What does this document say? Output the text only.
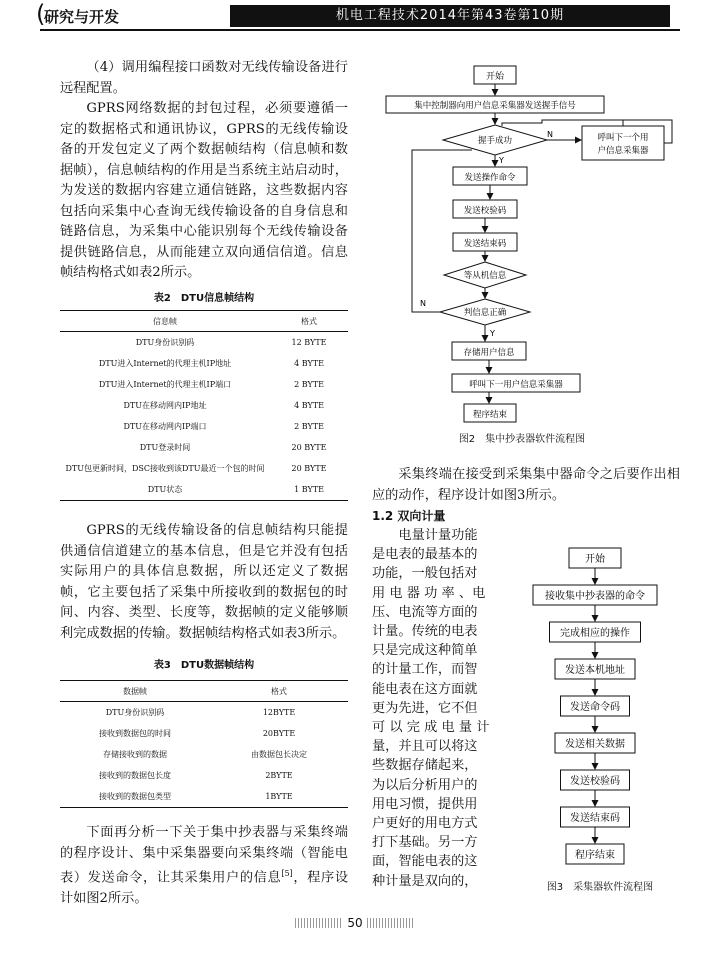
(
研究与开发	机电工程技术2014年第43卷第10期
（4）调用编程接口函数对无线传输设备进行远程配置。
GPRS网络数据的封包过程，必须要遵循一定的数据格式和通讯协议，GPRS的无线传输设备的开发包定义了两个数据帧结构（信息帧和数据帧），信息帧结构的作用是当系统主站启动时，为发送的数据内容建立通信链路，这些数据内容包括向采集中心查询无线传输设备的自身信息和链路信息，为采集中心能识别每个无线传输设备提供链路信息，从而能建立双向通信信道。信息帧结构格式如表2所示。
表2　DTU信息帧结构
信息帧	格式
DTU身份识别码	12 BYTE
DTU进入Internet的代理主机IP地址	4 BYTE
DTU进入Internet的代理主机IP端口	2 BYTE
DTU在移动网内IP地址	4 BYTE
DTU在移动网内IP端口	2 BYTE
DTU登录时间	20 BYTE
DTU包更新时间，DSC接收到该DTU最近一个包的时间	20 BYTE
DTU状态	1 BYTE
GPRS的无线传输设备的信息帧结构只能提供通信信道建立的基本信息，但是它并没有包括实际用户的具体信息数据，所以还定义了数据帧，它主要包括了采集中所接收到的数据包的时间、内容、类型、长度等，数据帧的定义能够顺利完成数据的传输。数据帧结构格式如表3所示。
表3　DTU数据帧结构
数据帧	格式
DTU身份识别码	12BYTE
接收到数据包的时间	20BYTE
存储接收到的数据	由数据包长决定
接收到的数据包长度	2BYTE
接收到的数据包类型	1BYTE
下面再分析一下关于集中抄表器与采集终端的程序设计、集中采集器要向采集终端（智能电表）发送命令，让其采集用户的信息[5]，程序设计如图2所示。
开始
集中控制器向用户信息采集器发送握手信号
握手成功
N	呼叫下一个用
户信息采集器
Y
发送操作命令
发送校验码
发送结束码
等从机信息
判信息正确
N
Y
存储用户信息
呼叫下一用户信息采集器
程序结束
图2　集中抄表器软件流程图
采集终端在接受到采集集中器命令之后要作出相应的动作，程序设计如图3所示。
1.2 双向计量
电量计量功能
是电表的最基本的
功能，一般包括对
用 电 器 功 率 、电
压、电流等方面的
计量。传统的电表
只是完成这种简单
的计量工作，而智
能电表在这方面就
更为先进，它不但
可 以 完 成 电 量 计
量，并且可以将这
些数据存储起来，
为以后分析用户的
用电习惯，提供用
户更好的用电方式
打下基础。另一方
面，智能电表的这
种计量是双向的，
开始
接收集中抄表器的命令
完成相应的操作
发送本机地址
发送命令码
发送相关数据
发送校验码
发送结束码
程序结束
图3　采集器软件流程图
50
